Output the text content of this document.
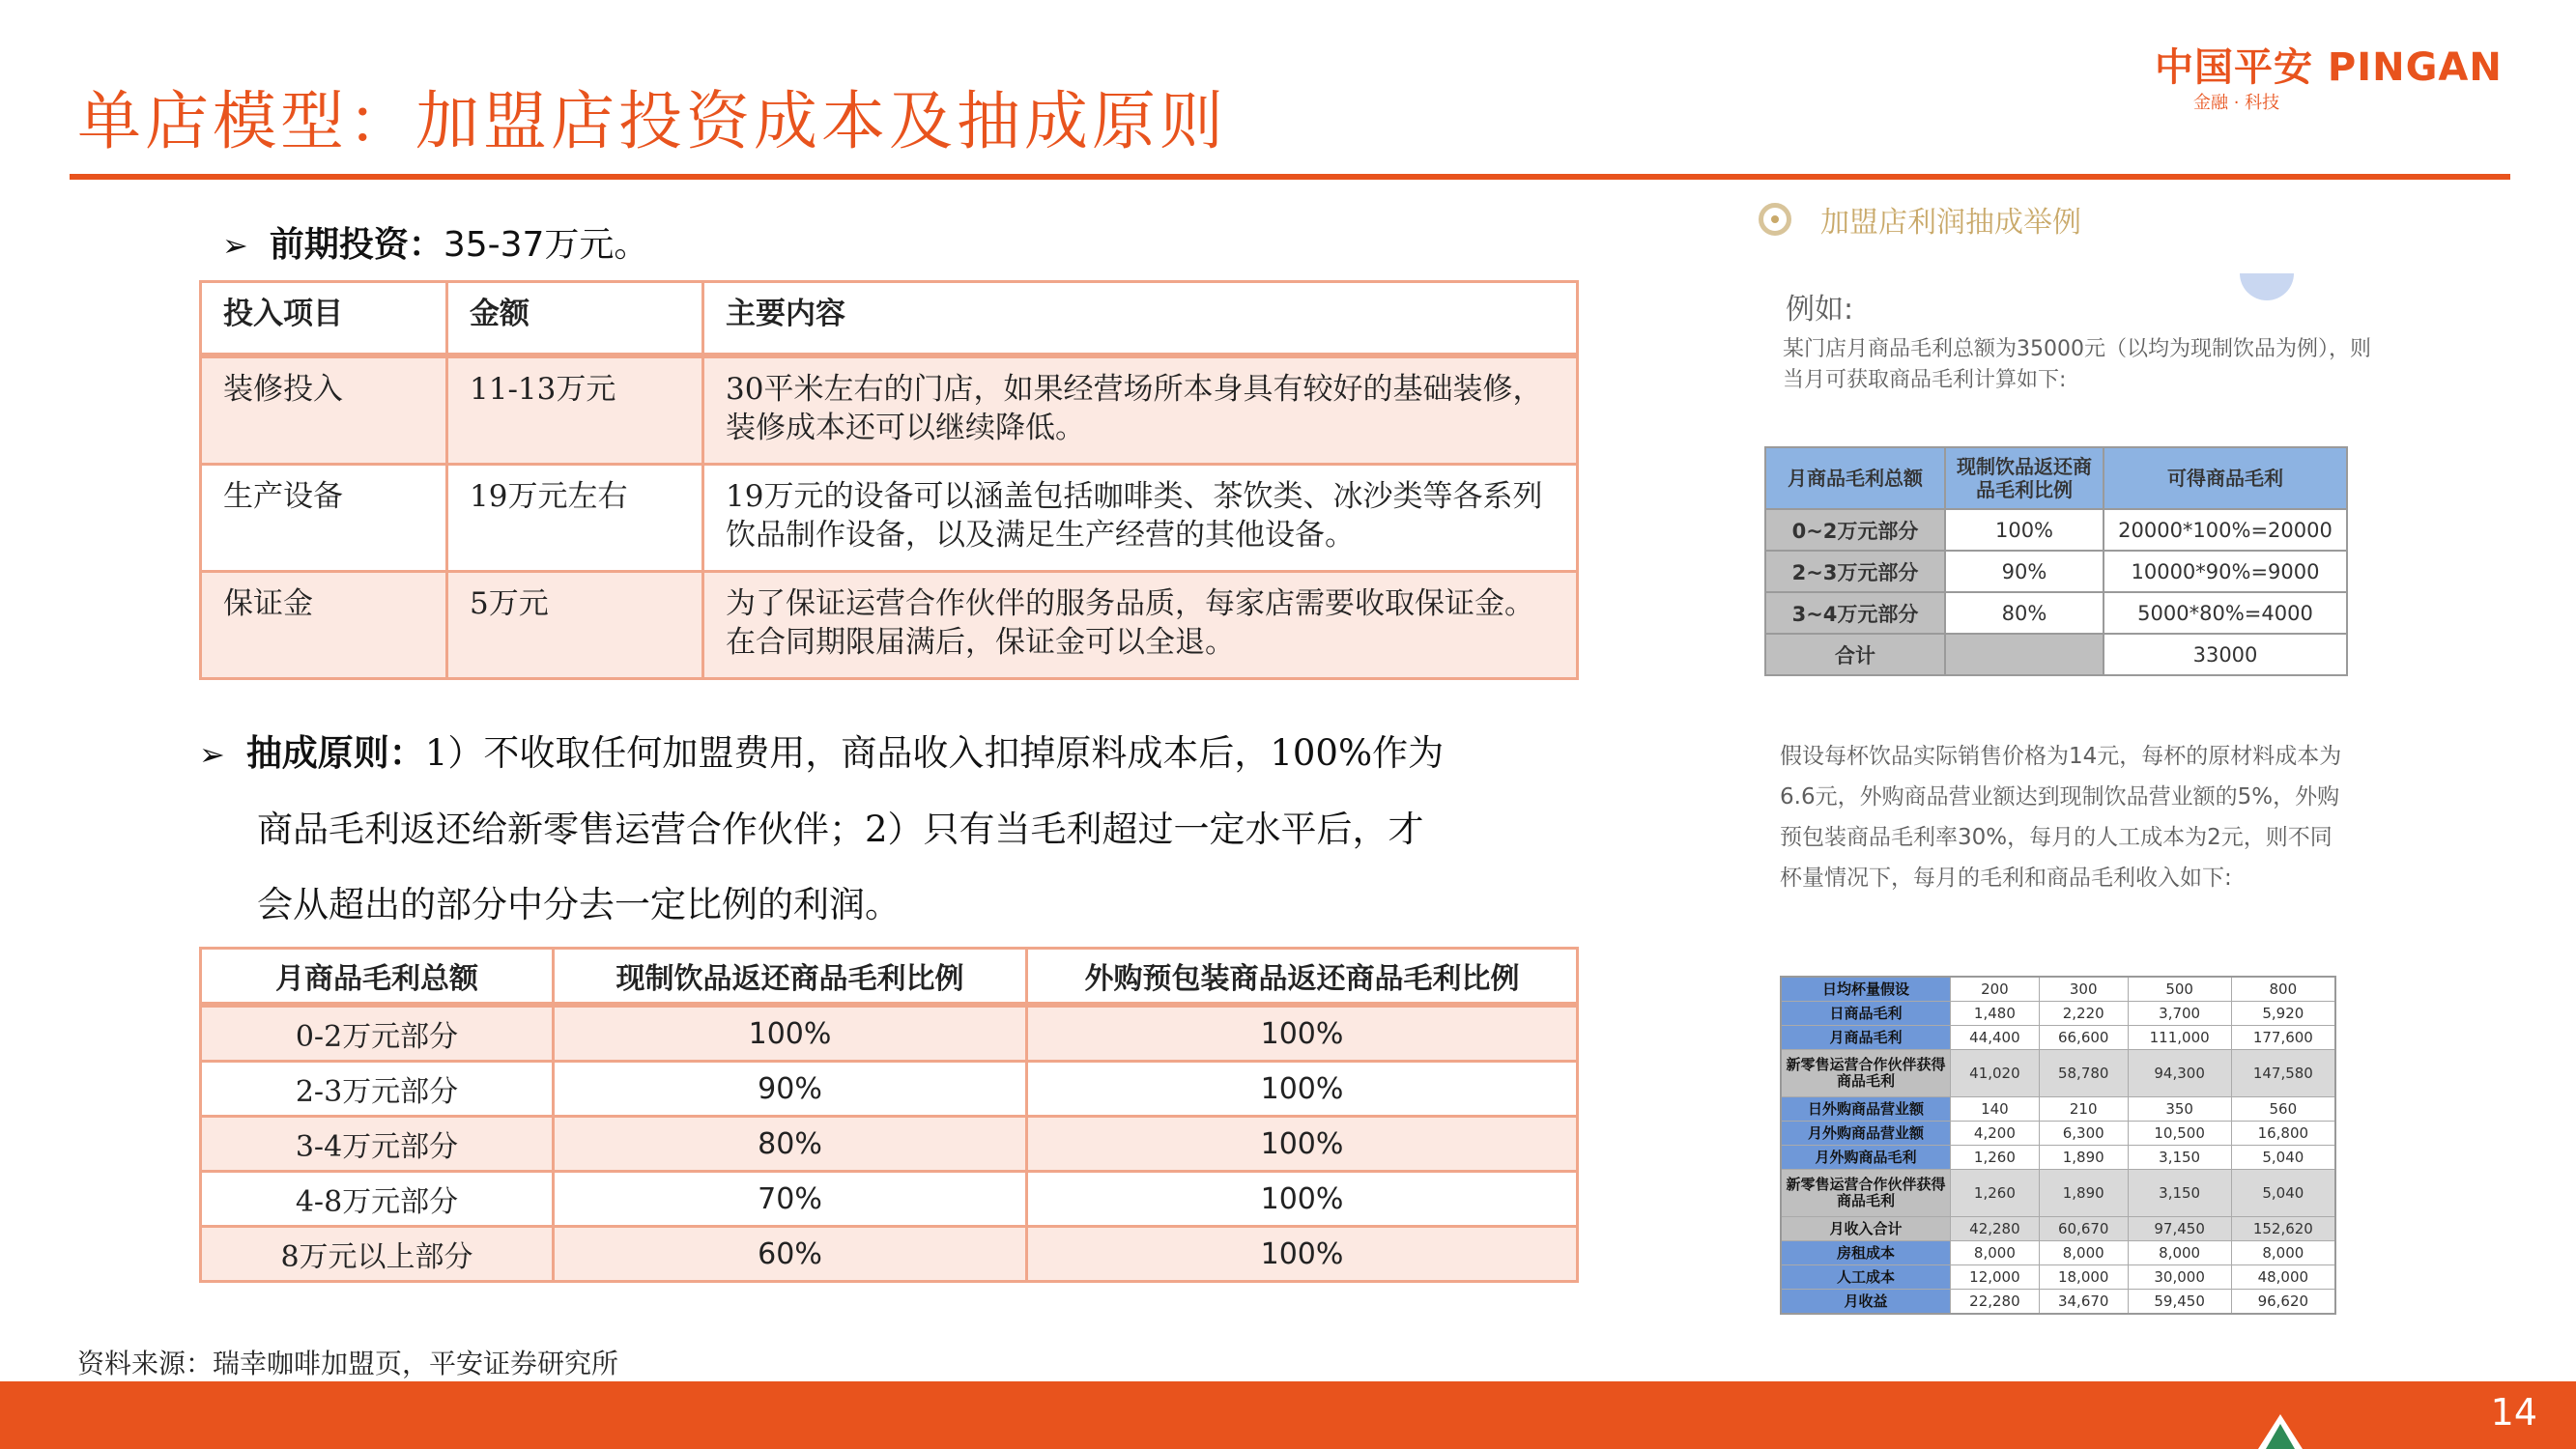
单店模型：加盟店投资成本及抽成原则
中国平安 PINGAN
金融 · 科技
➢ 前期投资：35-37万元。
投入项目	金额	主要内容
装修投入	11-13万元	30平米左右的门店，如果经营场所本身具有较好的基础装修，装修成本还可以继续降低。
生产设备	19万元左右	19万元的设备可以涵盖包括咖啡类、茶饮类、冰沙类等各系列饮品制作设备，以及满足生产经营的其他设备。
保证金	5万元	为了保证运营合作伙伴的服务品质，每家店需要收取保证金。在合同期限届满后，保证金可以全退。
➢ 抽成原则：1）不收取任何加盟费用，商品收入扣掉原料成本后，100%作为
商品毛利返还给新零售运营合作伙伴；2）只有当毛利超过一定水平后，才
会从超出的部分中分去一定比例的利润。
月商品毛利总额	现制饮品返还商品毛利比例	外购预包装商品返还商品毛利比例
0-2万元部分	100%	100%
2-3万元部分	90%	100%
3-4万元部分	80%	100%
4-8万元部分	70%	100%
8万元以上部分	60%	100%
资料来源：瑞幸咖啡加盟页，平安证券研究所
加盟店利润抽成举例
例如:
某门店月商品毛利总额为35000元（以均为现制饮品为例），则当月可获取商品毛利计算如下:
月商品毛利总额	现制饮品返还商品毛利比例	可得商品毛利
0~2万元部分	100%	20000*100%=20000
2~3万元部分	90%	10000*90%=9000
3~4万元部分	80%	5000*80%=4000
合计		33000
假设每杯饮品实际销售价格为14元，每杯的原材料成本为6.6元，外购商品营业额达到现制饮品营业额的5%，外购预包装商品毛利率30%，每月的人工成本为2元，则不同杯量情况下，每月的毛利和商品毛利收入如下:
日均杯量假设	200	300	500	800
日商品毛利	1,480	2,220	3,700	5,920
月商品毛利	44,400	66,600	111,000	177,600
新零售运营合作伙伴获得商品毛利	41,020	58,780	94,300	147,580
日外购商品营业额	140	210	350	560
月外购商品营业额	4,200	6,300	10,500	16,800
月外购商品毛利	1,260	1,890	3,150	5,040
新零售运营合作伙伴获得商品毛利	1,260	1,890	3,150	5,040
月收入合计	42,280	60,670	97,450	152,620
房租成本	8,000	8,000	8,000	8,000
人工成本	12,000	18,000	30,000	48,000
月收益	22,280	34,670	59,450	96,620
14
